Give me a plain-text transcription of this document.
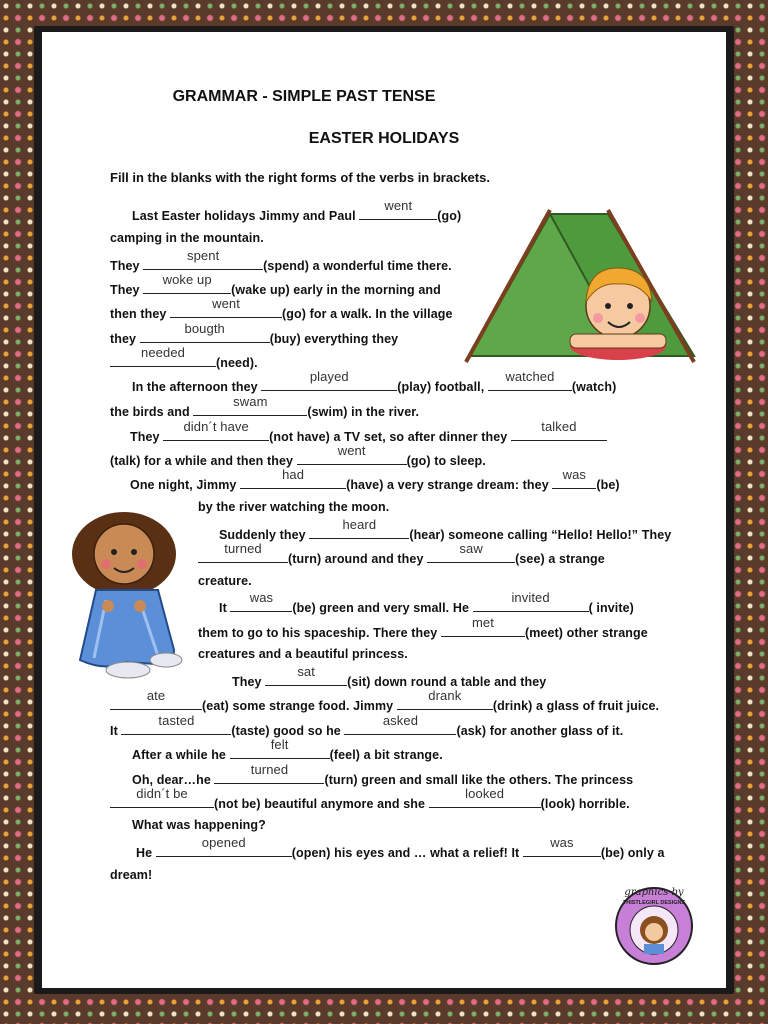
GRAMMAR - SIMPLE PAST TENSE
EASTER HOLIDAYS
Fill in the blanks with the right forms of the verbs in brackets.
Last Easter holidays Jimmy and Paul
went
(go)
camping in the mountain.
They
spent
(spend) a wonderful time there.
They
woke up
(wake up) early in the morning and
then they
went
(go) for a walk. In the village
they
bougth
(buy) everything they
needed
(need).
In the afternoon they
played
(play) football,
watched
(watch)
the birds and
swam
(swim) in the river.
They
didn´t have
(not have) a TV set, so after dinner they
talked
(talk) for a while and then they
went
(go) to sleep.
One night, Jimmy
had
(have) a very strange dream: they
was
(be)
by the river watching the moon.
Suddenly they
heard
(hear) someone calling “Hello! Hello!” They
turned
(turn) around and they
saw
(see) a strange
creature.
It
was
(be) green and very small. He
invited
( invite)
them to go to his spaceship. There they
met
(meet) other strange
creatures and a beautiful princess.
They
sat
(sit) down round a table and they
ate
(eat) some strange food. Jimmy
drank
(drink) a glass of fruit juice.
It
tasted
(taste) good so he
asked
(ask) for another glass of it.
After a while he
felt
(feel) a bit strange.
Oh, dear…he
turned
(turn) green and small like the others. The princess
didn´t be
(not be) beautiful anymore and she
looked
(look) horrible.
What was happening?
He
opened
(open) his eyes and … what a relief! It
was
(be) only a
dream!
graphics by
THISTLEGIRL DESIGNS
